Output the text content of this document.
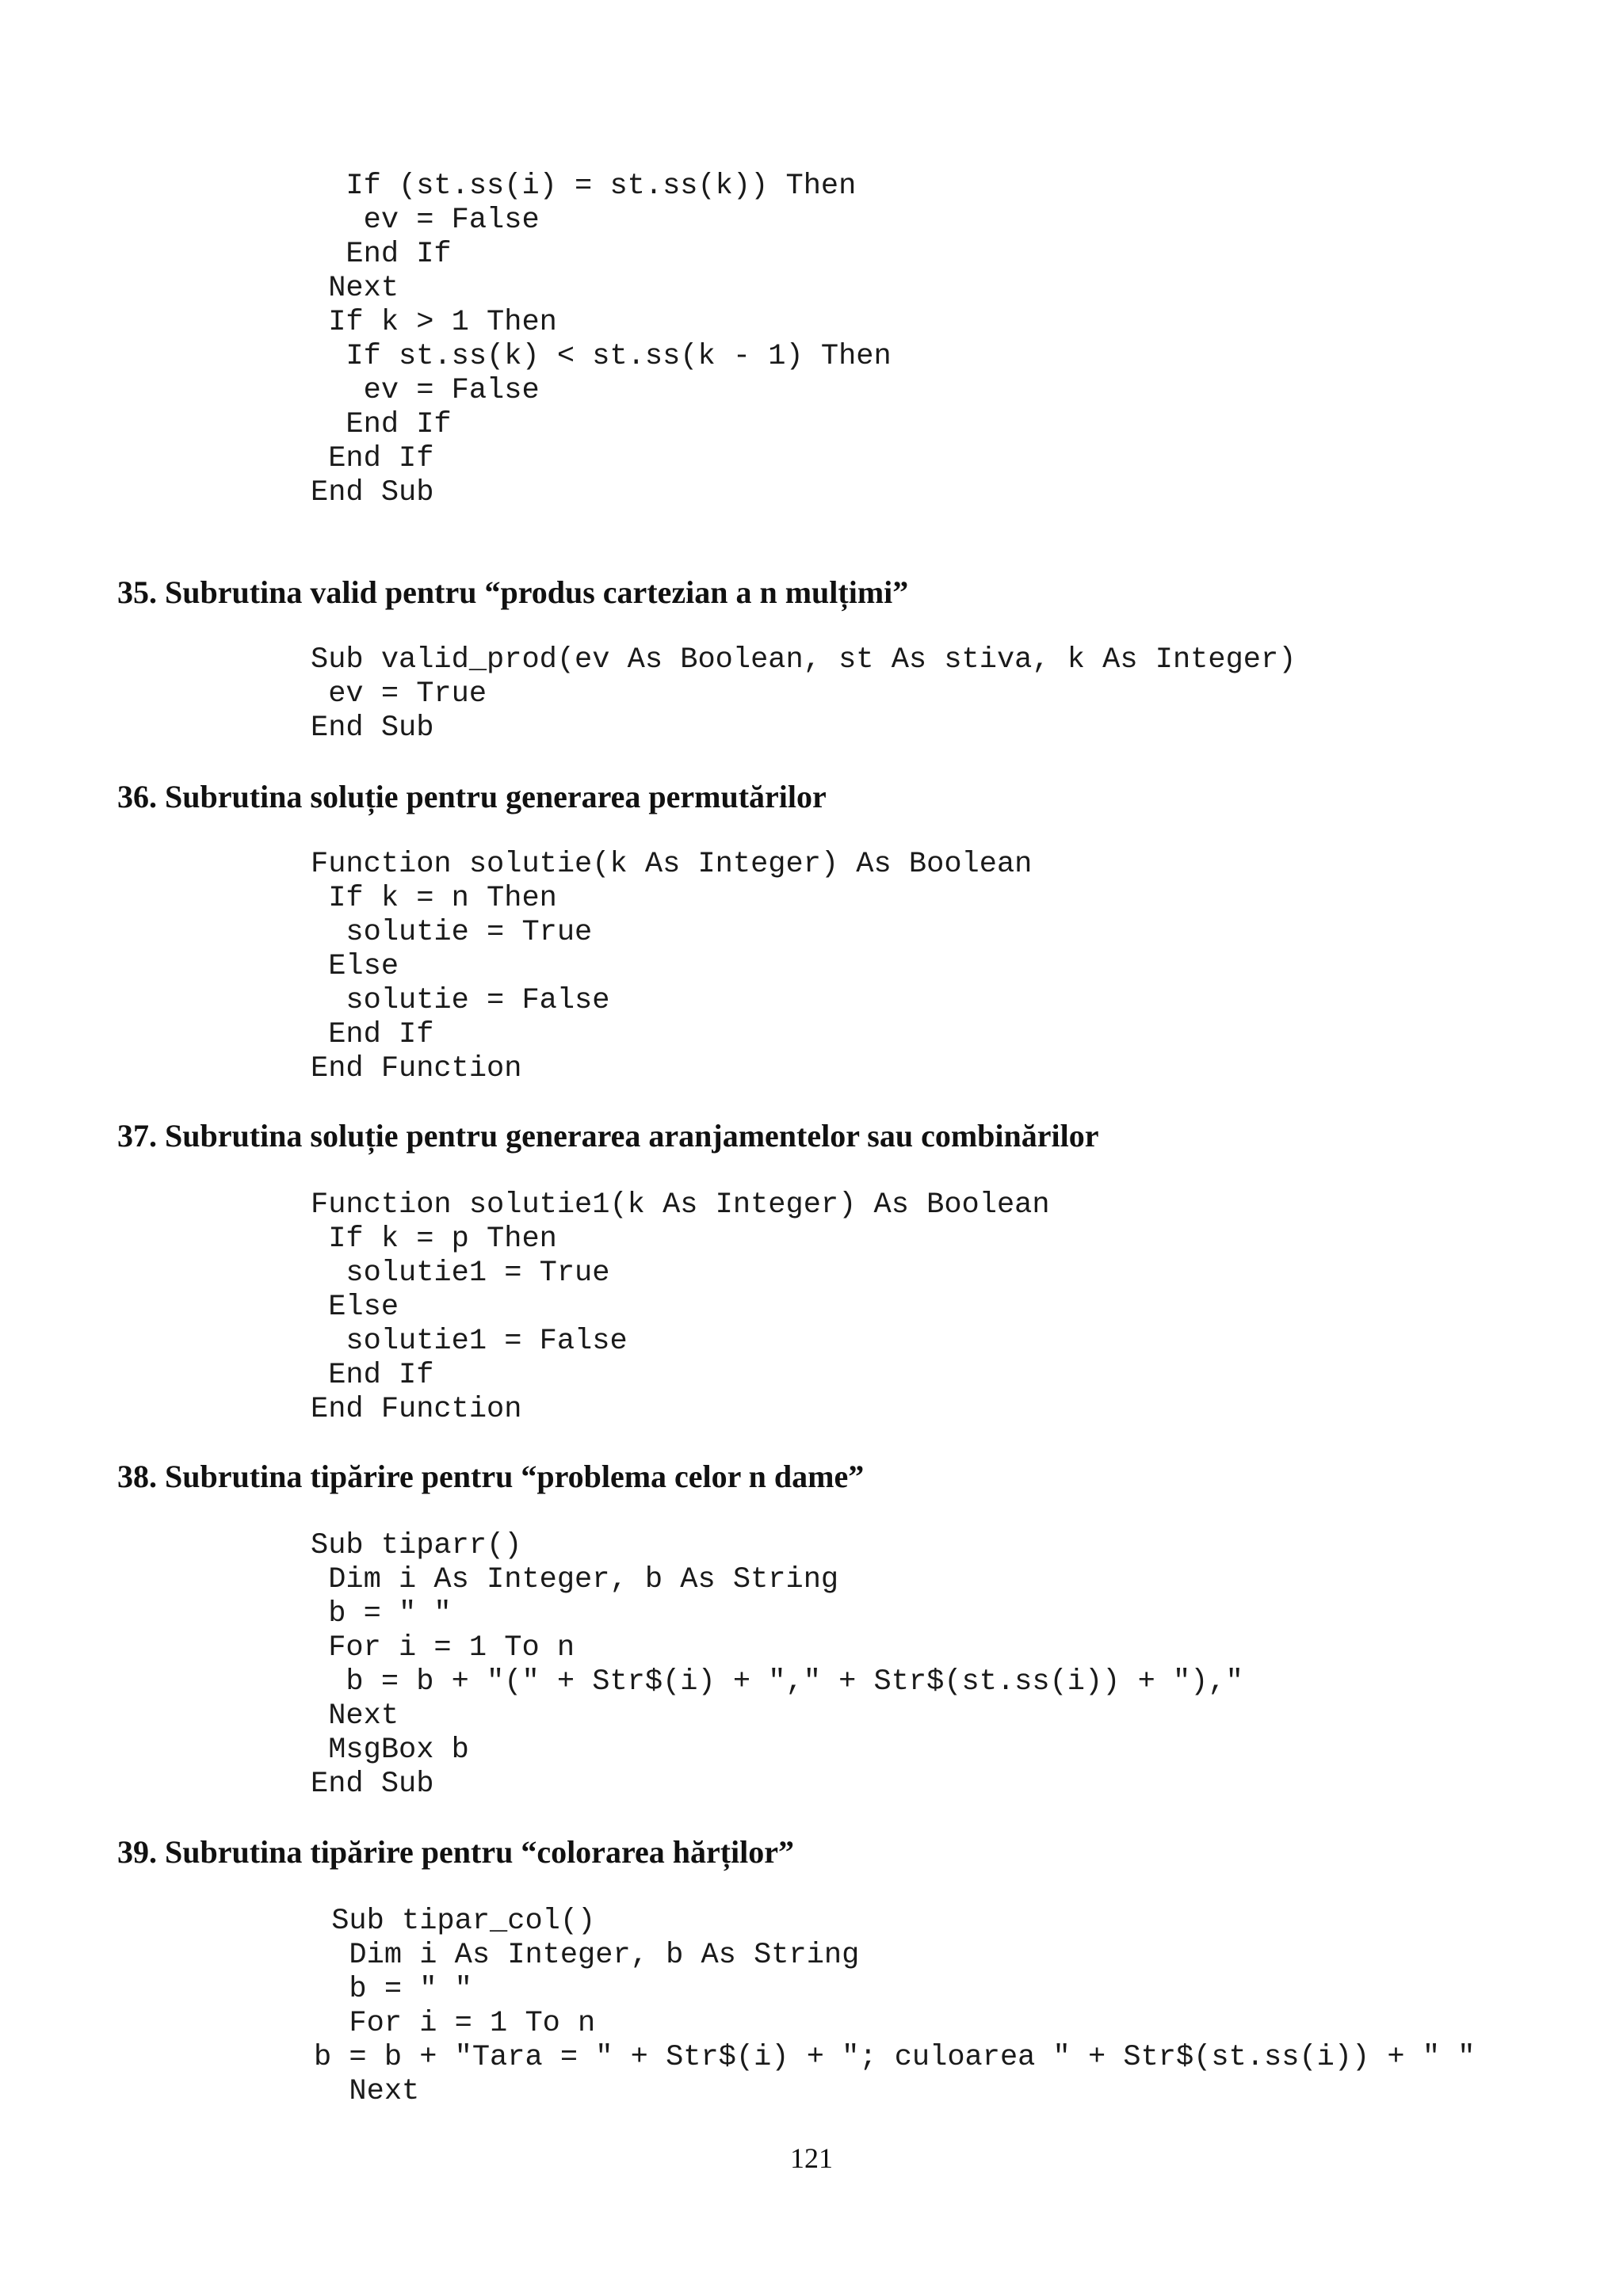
If (st.ss(i) = st.ss(k)) Then
ev = False
End If
Next
If k > 1 Then
If st.ss(k) < st.ss(k - 1) Then
ev = False
End If
End If
End Sub
35. Subrutina valid pentru “produs cartezian a n mulțimi”
Sub valid_prod(ev As Boolean, st As stiva, k As Integer)
ev = True
End Sub
36. Subrutina soluție pentru generarea permutărilor
Function solutie(k As Integer) As Boolean
If k = n Then
solutie = True
Else
solutie = False
End If
End Function
37. Subrutina soluție pentru generarea aranjamentelor sau combinărilor
Function solutie1(k As Integer) As Boolean
If k = p Then
solutie1 = True
Else
solutie1 = False
End If
End Function
38. Subrutina tipărire pentru “problema celor n dame”
Sub tiparr()
Dim i As Integer, b As String
b = " "
For i = 1 To n
b = b + "(" + Str$(i) + "," + Str$(st.ss(i)) + "),"
Next
MsgBox b
End Sub
39. Subrutina tipărire pentru “colorarea hărților”
Sub tipar_col()
Dim i As Integer, b As String
b = " "
For i = 1 To n
b = b + "Tara = " + Str$(i) + "; culoarea " + Str$(st.ss(i)) + " "
Next
121
